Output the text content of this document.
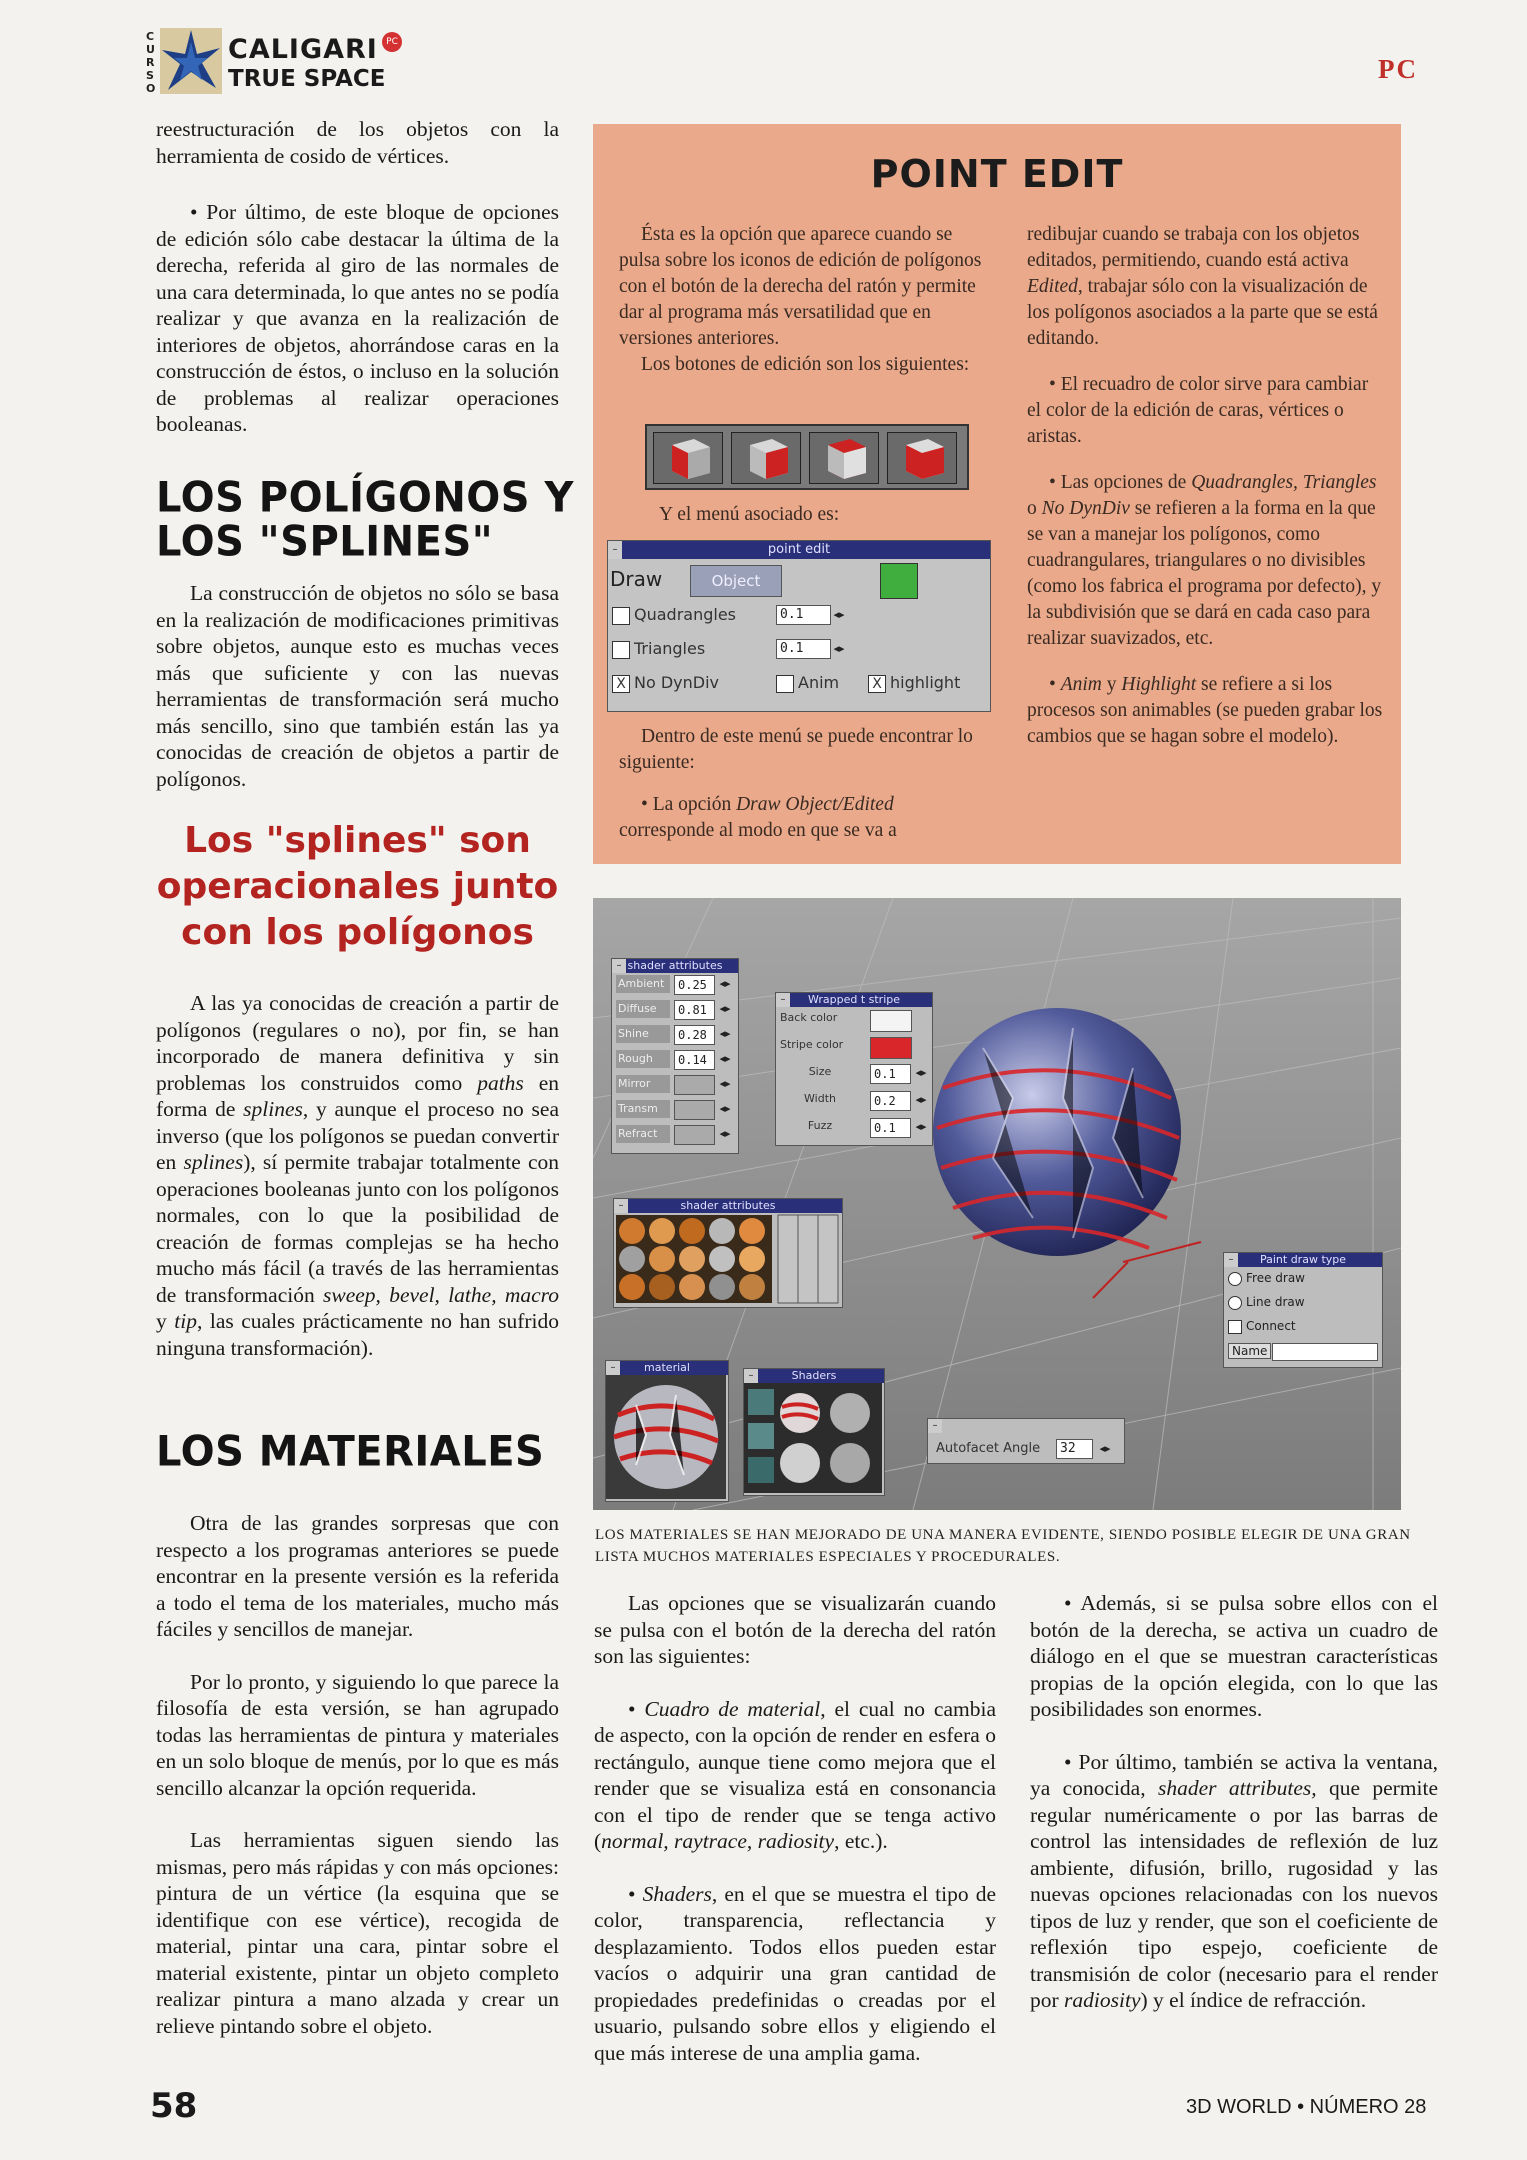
CURSO
CALIGARI
TRUE SPACE
PC
PC

reestructuración de los objetos con la herramienta de cosido de vértices.

• Por último, de este bloque de opciones de edición sólo cabe destacar la última de la derecha, referida al giro de las normales de una cara determinada, lo que antes no se podía realizar y que avanza en la realización de interiores de objetos, ahorrándose caras en la construcción de éstos, o incluso en la solución de problemas al realizar operaciones booleanas.

LOS POLÍGONOS Y
LOS "SPLINES"

La construcción de objetos no sólo se basa en la realización de modificaciones primitivas sobre objetos, aunque esto es muchas veces más que suficiente y con las nuevas herramientas de transformación será mucho más sencillo, sino que también están las ya conocidas de creación de objetos a partir de polígonos.

Los "splines" son
operacionales junto
con los polígonos

A las ya conocidas de creación a partir de polígonos (regulares o no), por fin, se han incorporado de manera definitiva y sin problemas los construidos como paths en forma de splines, y aunque el proceso no sea inverso (que los polígonos se puedan convertir en splines), sí permite trabajar totalmente con operaciones booleanas junto con los polígonos normales, con lo que la posibilidad de creación de formas complejas se ha hecho mucho más fácil (a través de las herramientas de transformación sweep, bevel, lathe, macro y tip, las cuales prácticamente no han sufrido ninguna transformación).

LOS MATERIALES

Otra de las grandes sorpresas que con respecto a los programas anteriores se puede encontrar en la presente versión es la referida a todo el tema de los materiales, mucho más fáciles y sencillos de manejar.

Por lo pronto, y siguiendo lo que parece la filosofía de esta versión, se han agrupado todas las herramientas de pintura y materiales en un solo bloque de menús, por lo que es más sencillo alcanzar la opción requerida.

Las herramientas siguen siendo las mismas, pero más rápidas y con más opciones: pintura de un vértice (la esquina que se identifique con ese vértice), recogida de material, pintar una cara, pintar sobre el material existente, pintar un objeto completo realizar pintura a mano alzada y crear un relieve pintando sobre el objeto.

POINT EDIT

Ésta es la opción que aparece cuando se pulsa sobre los iconos de edición de polígonos con el botón de la derecha del ratón y permite dar al programa más versatilidad que en versiones anteriores.

Los botones de edición son los siguientes:

Y el menú asociado es:

–	point edit
Draw	Object
Quadrangles	0.1	◂▸
Triangles	0.1	◂▸
X No DynDiv	Anim	X highlight

Dentro de este menú se puede encontrar lo siguiente:

• La opción Draw Object/Edited corresponde al modo en que se va a

redibujar cuando se trabaja con los objetos editados, permitiendo, cuando está activa Edited, trabajar sólo con la visualización de los polígonos asociados a la parte que se está editando.

• El recuadro de color sirve para cambiar el color de la edición de caras, vértices o aristas.

• Las opciones de Quadrangles, Triangles o No DynDiv se refieren a la forma en la que se van a manejar los polígonos, como cuadrangulares, triangulares o no divisibles (como los fabrica el programa por defecto), y la subdivisión que se dará en cada caso para realizar suavizados, etc.

• Anim y Highlight se refiere a si los procesos son animables (se pueden grabar los cambios que se hagan sobre el modelo).

– shader attributes
Ambient	0.25	◂▸
Diffuse	0.81	◂▸
Shine	0.28	◂▸
Rough	0.14	◂▸
Mirror	◂▸
Transm	◂▸
Refract	◂▸
–	Wrapped t stripe
Back color
Stripe color
Size	0.1	◂▸
Width	0.2	◂▸
Fuzz	0.1	◂▸
–	shader attributes
–	material
–	Shaders
–
Autofacet Angle	32	◂▸
–	Paint draw type
Free draw
Line draw
Connect
Name
LOS MATERIALES SE HAN MEJORADO DE UNA MANERA EVIDENTE, SIENDO POSIBLE ELEGIR DE UNA GRAN LISTA MUCHOS MATERIALES ESPECIALES Y PROCEDURALES.

Las opciones que se visualizarán cuando se pulsa con el botón de la derecha del ratón son las siguientes:

• Cuadro de material, el cual no cambia de aspecto, con la opción de render en esfera o rectángulo, aunque tiene como mejora que el render que se visualiza está en consonancia con el tipo de render que se tenga activo (normal, raytrace, radiosity, etc.).

• Shaders, en el que se muestra el tipo de color, transparencia, reflectancia y desplazamiento. Todos ellos pueden estar vacíos o adquirir una gran cantidad de propiedades predefinidas o creadas por el usuario, pulsando sobre ellos y eligiendo el que más interese de una amplia gama.

• Además, si se pulsa sobre ellos con el botón de la derecha, se activa un cuadro de diálogo en el que se muestran características propias de la opción elegida, con lo que las posibilidades son enormes.

• Por último, también se activa la ventana, ya conocida, shader attributes, que permite regular numéricamente o por las barras de control las intensidades de reflexión de luz ambiente, difusión, brillo, rugosidad y las nuevas opciones relacionadas con los nuevos tipos de luz y render, que son el coeficiente de reflexión tipo espejo, coeficiente de transmisión de color (necesario para el render por radiosity) y el índice de refracción.

58	3D WORLD • NÚMERO 28
